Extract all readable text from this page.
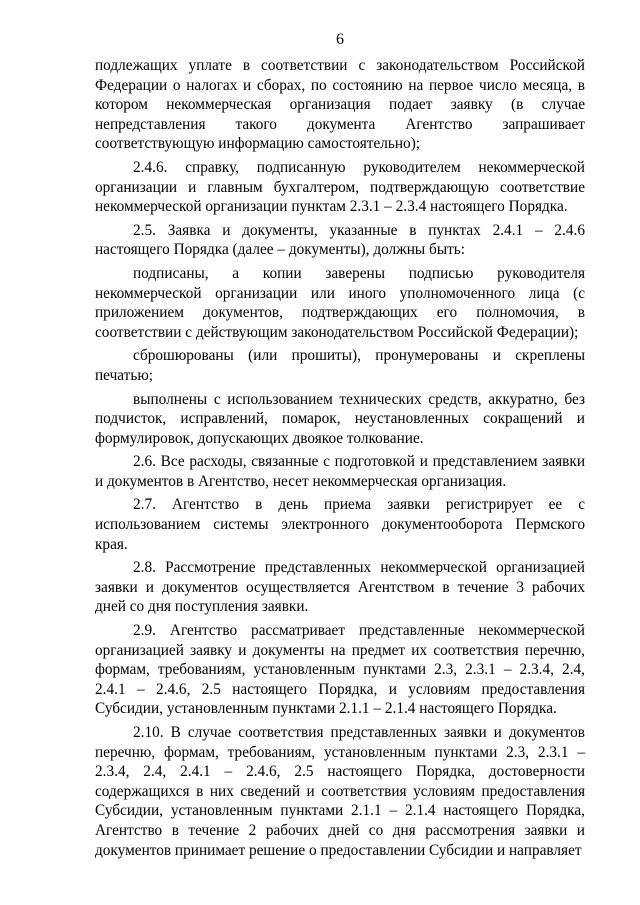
6

подлежащих уплате в соответствии с законодательством Российской Федерации о налогах и сборах, по состоянию на первое число месяца, в котором некоммерческая организация подает заявку (в случае непредставления такого документа Агентство запрашивает соответствующую информацию самостоятельно);

2.4.6. справку, подписанную руководителем некоммерческой организации и главным бухгалтером, подтверждающую соответствие некоммерческой организации пунктам 2.3.1 – 2.3.4 настоящего Порядка.

2.5. Заявка и документы, указанные в пунктах 2.4.1 – 2.4.6 настоящего Порядка (далее – документы), должны быть:

подписаны, а копии заверены подписью руководителя некоммерческой организации или иного уполномоченного лица (с приложением документов, подтверждающих его полномочия, в соответствии с действующим законодательством Российской Федерации);

сброшюрованы (или прошиты), пронумерованы и скреплены печатью;

выполнены с использованием технических средств, аккуратно, без подчисток, исправлений, помарок, неустановленных сокращений и формулировок, допускающих двоякое толкование.

2.6. Все расходы, связанные с подготовкой и представлением заявки и документов в Агентство, несет некоммерческая организация.

2.7. Агентство в день приема заявки регистрирует ее с использованием системы электронного документооборота Пермского края.

2.8. Рассмотрение представленных некоммерческой организацией заявки и документов осуществляется Агентством в течение 3 рабочих дней со дня поступления заявки.

2.9. Агентство рассматривает представленные некоммерческой организацией заявку и документы на предмет их соответствия перечню, формам, требованиям, установленным пунктами 2.3, 2.3.1 – 2.3.4, 2.4, 2.4.1 – 2.4.6, 2.5 настоящего Порядка, и условиям предоставления Субсидии, установленным пунктами 2.1.1 – 2.1.4 настоящего Порядка.

2.10. В случае соответствия представленных заявки и документов перечню, формам, требованиям, установленным пунктами 2.3, 2.3.1 – 2.3.4, 2.4, 2.4.1 – 2.4.6, 2.5 настоящего Порядка, достоверности содержащихся в них сведений и соответствия условиям предоставления Субсидии, установленным пунктами 2.1.1 – 2.1.4 настоящего Порядка, Агентство в течение 2 рабочих дней со дня рассмотрения заявки и документов принимает решение о предоставлении Субсидии и направляет
